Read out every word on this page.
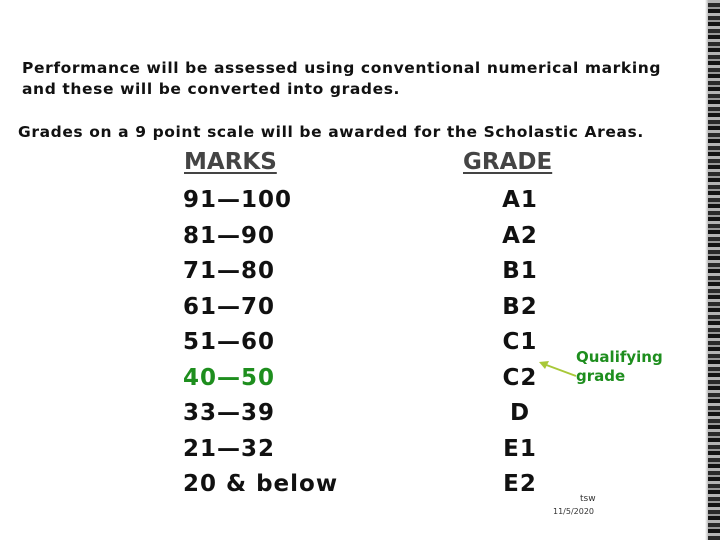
Performance will be assessed using conventional numerical marking
and these will be converted into grades.
Grades on a 9 point scale will be awarded for the Scholastic Areas.
MARKS	GRADE
91—100
81—90
71—80
61—70
51—60
40—50
33—39
21—32
20 & below
A1
A2
B1
B2
C1
C2
D
E1
E2
Qualifying
grade
tsw
11/5/2020
